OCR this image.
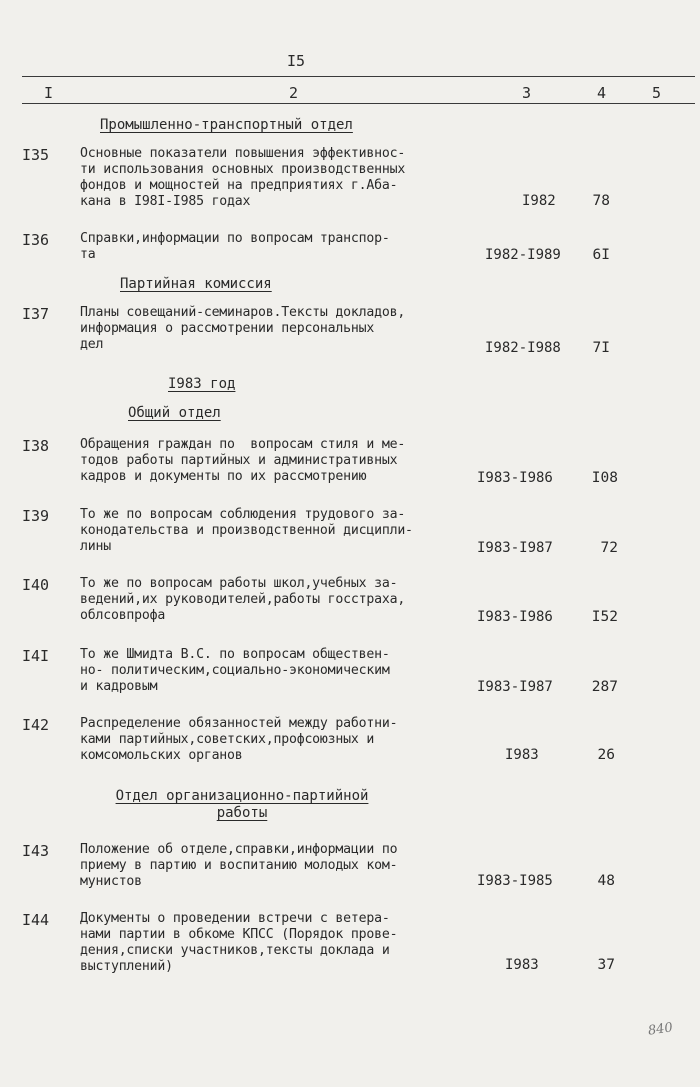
I5
I	2	3	4	5
Промышленно-транспортный отдел
I35 Основные показатели повышения эффективнос-
ти использования основных производственных
фондов и мощностей на предприятиях г.Аба-
кана в I98I-I985 годах	I982	78
I36 Справки,информации по вопросам транспор-
та	I982-I989	6I
Партийная комиссия
I37 Планы совещаний-семинаров.Тексты докладов,
информация о рассмотрении персональных
дел	I982-I988	7I
I983 год
Общий отдел
I38 Обращения граждан по  вопросам стиля и ме-
тодов работы партийных и административных
кадров и документы по их рассмотрению	I983-I986	I08
I39 То же по вопросам соблюдения трудового за-
конодательства и производственной дисципли-
лины	I983-I987	72
I40 То же по вопросам работы школ,учебных за-
ведений,их руководителей,работы госстраха,
облсовпрофа	I983-I986	I52
I4I То же Шмидта В.С. по вопросам обществен-
но- политическим,социально-экономическим
и кадровым	I983-I987	287
I42 Распределение обязанностей между работни-
ками партийных,советских,профсоюзных и
комсомольских органов	I983	26
Отдел организационно-партийной работы
I43 Положение об отделе,справки,информации по
приему в партию и воспитанию молодых ком-
мунистов	I983-I985	48
I44 Документы о проведении встречи с ветера-
нами партии в обкоме КПСС (Порядок прове-
дения,списки участников,тексты доклада и
выступлений)	I983	37
840
